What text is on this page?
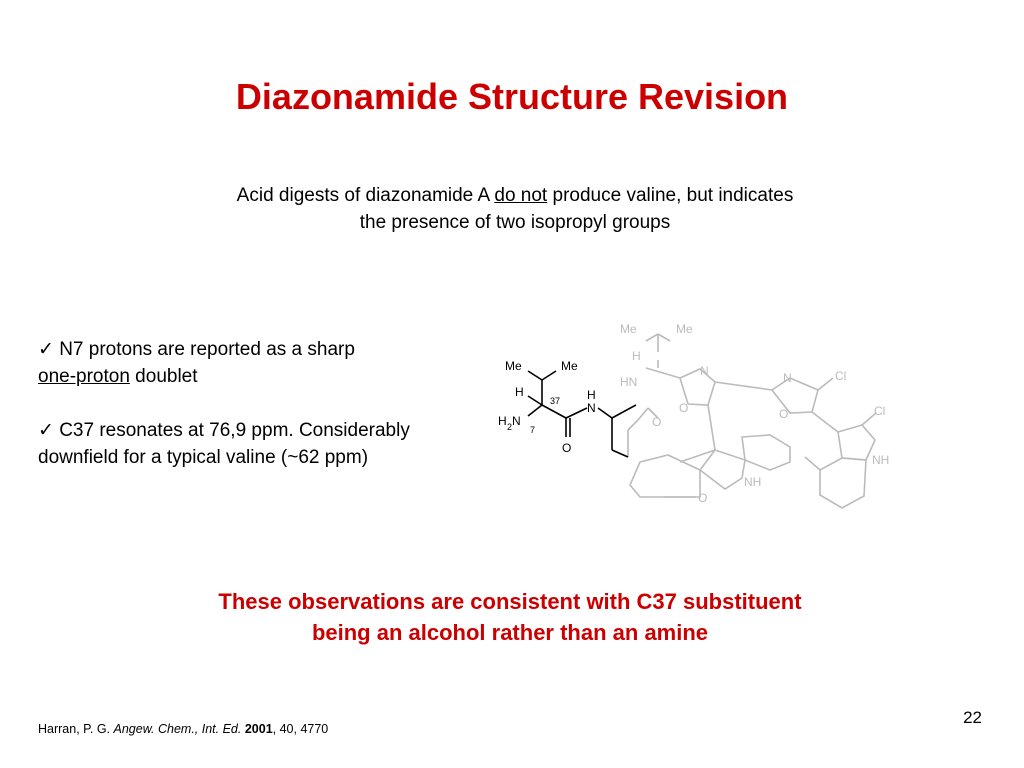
Diazonamide Structure Revision
Acid digests of diazonamide A do not produce valine, but indicates
the presence of two isopropyl groups
✓ N7 protons are reported as a sharp
one-proton doublet
✓ C37 resonates at 76,9 ppm. Considerably
downfield for a typical valine (~62 ppm)
Me	Me
H
37
H 2 N
7
O
H
N
Me	Me
H
HN
O
N
O
N
O
Cl
Cl
NH
NH
O
These observations are consistent with C37 substituent
being an alcohol rather than an amine
Harran, P. G. Angew. Chem., Int. Ed. 2001, 40, 4770
22
